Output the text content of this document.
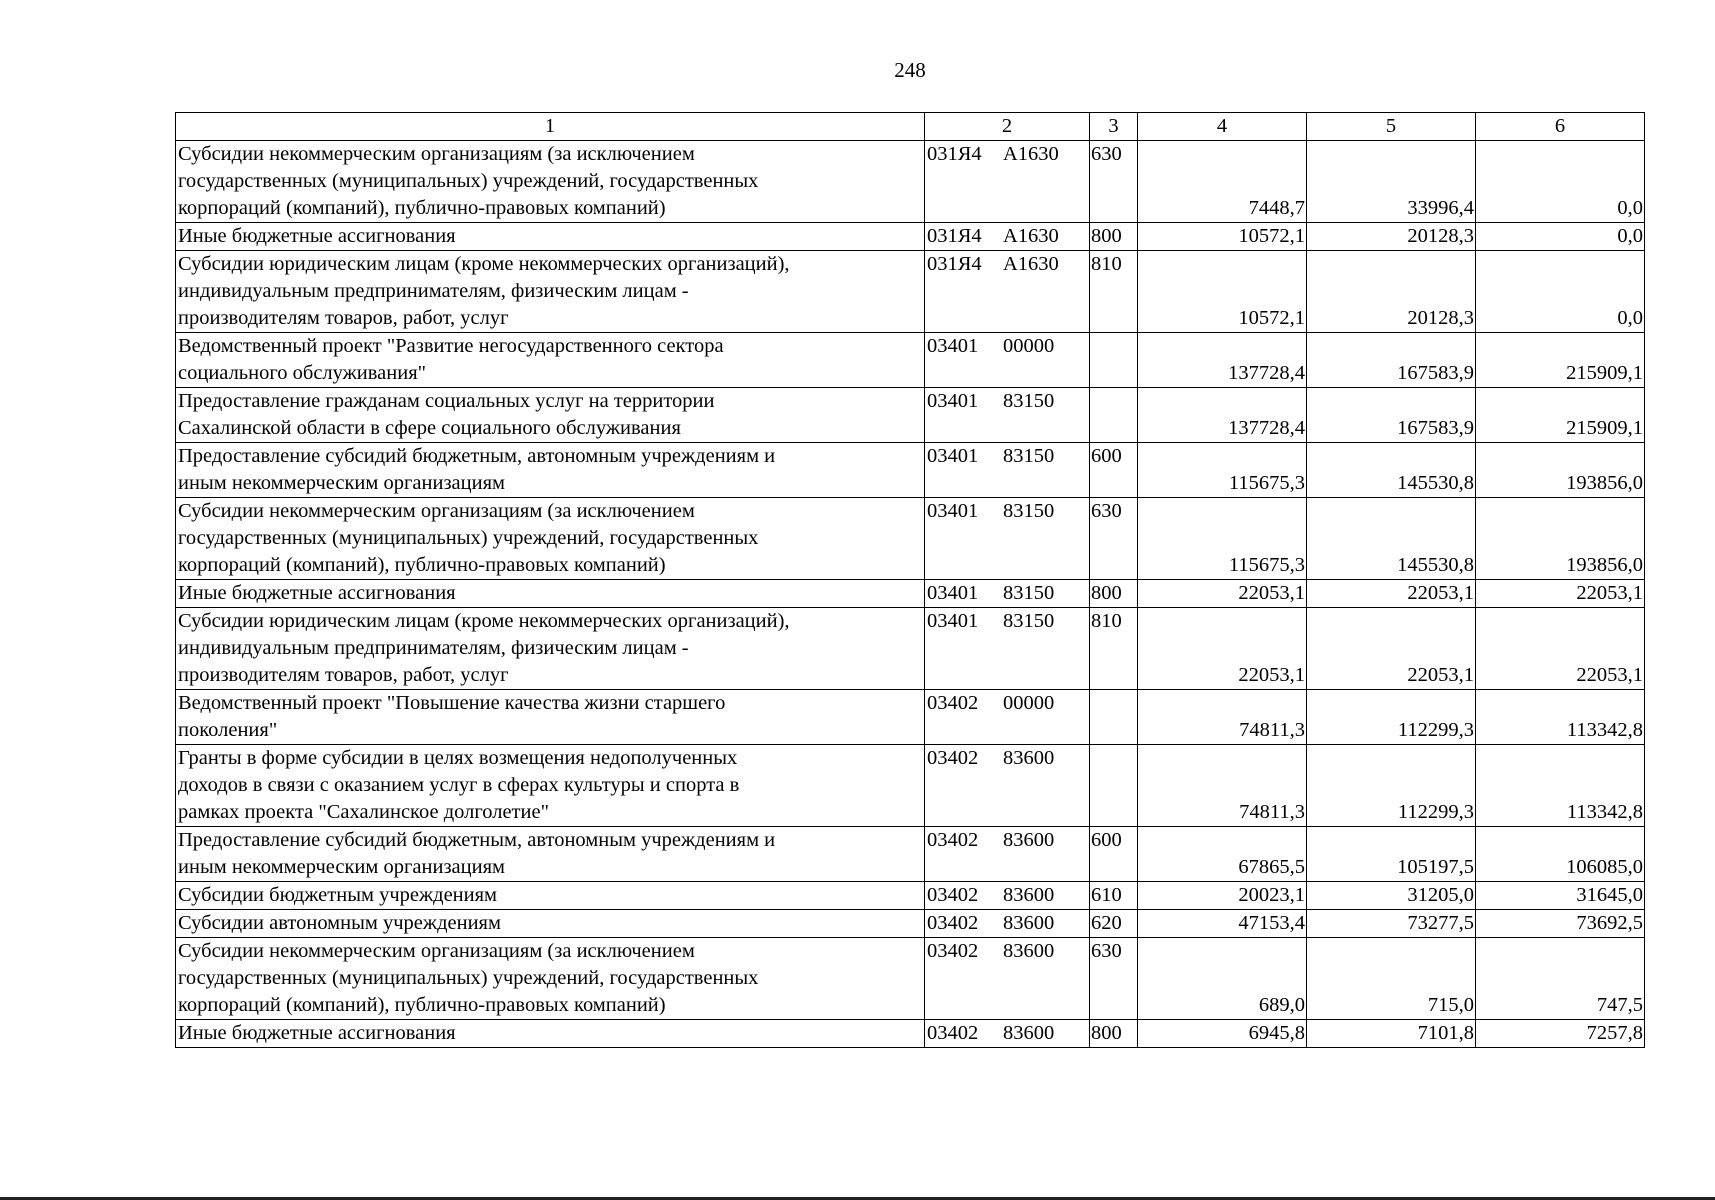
248
1	2	3	4	5	6

Субсидии некоммерческим организациям (за исключением
государственных (муниципальных) учреждений, государственных
корпораций (компаний), публично-правовых компаний)	031Я4 А1630	630	7448,7	33996,4	0,0

Иные бюджетные ассигнования	031Я4 А1630	800	10572,1	20128,3	0,0

Субсидии юридическим лицам (кроме некоммерческих организаций),
индивидуальным предпринимателям, физическим лицам -
производителям товаров, работ, услуг	031Я4 А1630	810	10572,1	20128,3	0,0

Ведомственный проект "Развитие негосударственного сектора
социального обслуживания"	03401 00000		137728,4	167583,9	215909,1

Предоставление гражданам социальных услуг на территории
Сахалинской области в сфере социального обслуживания	03401 83150		137728,4	167583,9	215909,1

Предоставление субсидий бюджетным, автономным учреждениям и
иным некоммерческим организациям	03401 83150	600	115675,3	145530,8	193856,0

Субсидии некоммерческим организациям (за исключением
государственных (муниципальных) учреждений, государственных
корпораций (компаний), публично-правовых компаний)	03401 83150	630	115675,3	145530,8	193856,0

Иные бюджетные ассигнования	03401 83150	800	22053,1	22053,1	22053,1

Субсидии юридическим лицам (кроме некоммерческих организаций),
индивидуальным предпринимателям, физическим лицам -
производителям товаров, работ, услуг	03401 83150	810	22053,1	22053,1	22053,1

Ведомственный проект "Повышение качества жизни старшего
поколения"	03402 00000		74811,3	112299,3	113342,8

Гранты в форме субсидии в целях возмещения недополученных
доходов в связи с оказанием услуг в сферах культуры и спорта в
рамках проекта "Сахалинское долголетие"	03402 83600		74811,3	112299,3	113342,8

Предоставление субсидий бюджетным, автономным учреждениям и
иным некоммерческим организациям	03402 83600	600	67865,5	105197,5	106085,0

Субсидии бюджетным учреждениям	03402 83600	610	20023,1	31205,0	31645,0

Субсидии автономным учреждениям	03402 83600	620	47153,4	73277,5	73692,5

Субсидии некоммерческим организациям (за исключением
государственных (муниципальных) учреждений, государственных
корпораций (компаний), публично-правовых компаний)	03402 83600	630	689,0	715,0	747,5

Иные бюджетные ассигнования	03402 83600	800	6945,8	7101,8	7257,8
